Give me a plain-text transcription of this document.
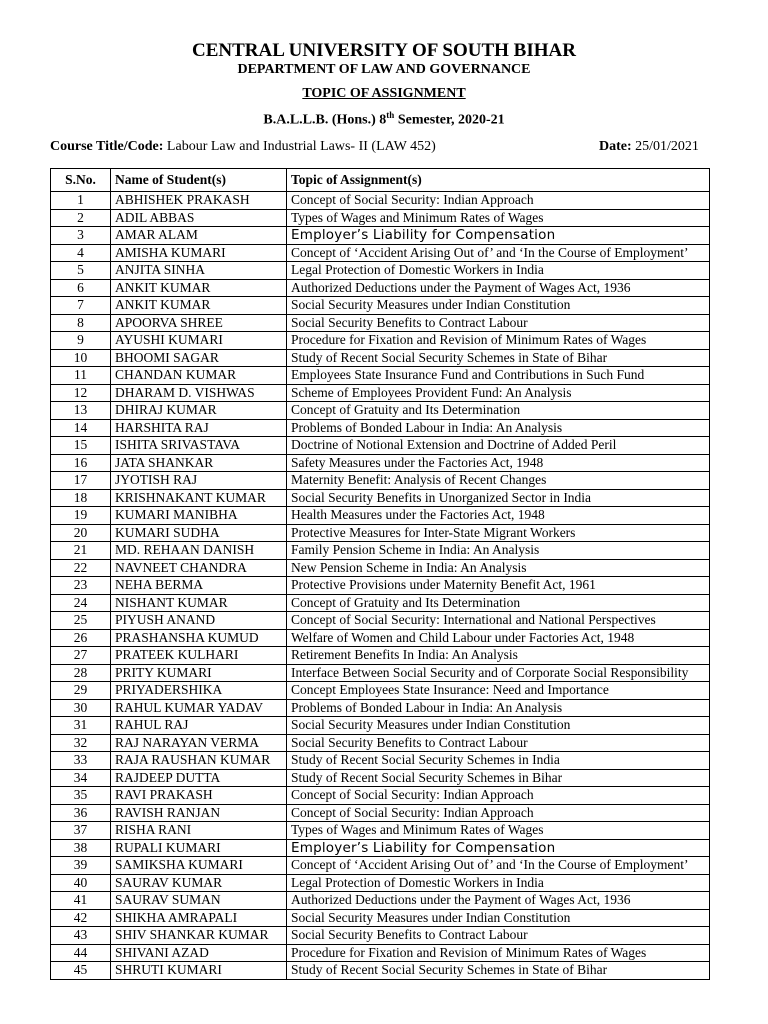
CENTRAL UNIVERSITY OF SOUTH BIHAR
DEPARTMENT OF LAW AND GOVERNANCE
TOPIC OF ASSIGNMENT
B.A.L.L.B. (Hons.) 8th Semester, 2020-21
Course Title/Code: Labour Law and Industrial Laws- II (LAW 452)	Date: 25/01/2021
S.No.	Name of Student(s)	Topic of Assignment(s)
1	ABHISHEK PRAKASH	Concept of Social Security: Indian Approach
2	ADIL ABBAS	Types of Wages and Minimum Rates of Wages
3	AMAR ALAM	Employer’s Liability for Compensation
4	AMISHA KUMARI	Concept of ‘Accident Arising Out of’ and ‘In the Course of Employment’
5	ANJITA SINHA	Legal Protection of Domestic Workers in India
6	ANKIT KUMAR	Authorized Deductions under the Payment of Wages Act, 1936
7	ANKIT KUMAR	Social Security Measures under Indian Constitution
8	APOORVA SHREE	Social Security Benefits to Contract Labour
9	AYUSHI KUMARI	Procedure for Fixation and Revision of Minimum Rates of Wages
10	BHOOMI SAGAR	Study of Recent Social Security Schemes in State of Bihar
11	CHANDAN KUMAR	Employees State Insurance Fund and Contributions in Such Fund
12	DHARAM D. VISHWAS	Scheme of Employees Provident Fund: An Analysis
13	DHIRAJ KUMAR	Concept of Gratuity and Its Determination
14	HARSHITA RAJ	Problems of Bonded Labour in India: An Analysis
15	ISHITA SRIVASTAVA	Doctrine of Notional Extension and Doctrine of Added Peril
16	JATA SHANKAR	Safety Measures under the Factories Act, 1948
17	JYOTISH RAJ	Maternity Benefit: Analysis of Recent Changes
18	KRISHNAKANT KUMAR	Social Security Benefits in Unorganized Sector in India
19	KUMARI MANIBHA	Health Measures under the Factories Act, 1948
20	KUMARI SUDHA	Protective Measures for Inter-State Migrant Workers
21	MD. REHAAN DANISH	Family Pension Scheme in India: An Analysis
22	NAVNEET CHANDRA	New Pension Scheme in India: An Analysis
23	NEHA BERMA	Protective Provisions under Maternity Benefit Act, 1961
24	NISHANT KUMAR	Concept of Gratuity and Its Determination
25	PIYUSH ANAND	Concept of Social Security: International and National Perspectives
26	PRASHANSHA KUMUD	Welfare of Women and Child Labour under Factories Act, 1948
27	PRATEEK KULHARI	Retirement Benefits In India: An Analysis
28	PRITY KUMARI	Interface Between Social Security and of Corporate Social Responsibility
29	PRIYADERSHIKA	Concept Employees State Insurance: Need and Importance
30	RAHUL KUMAR YADAV	Problems of Bonded Labour in India: An Analysis
31	RAHUL RAJ	Social Security Measures under Indian Constitution
32	RAJ NARAYAN VERMA	Social Security Benefits to Contract Labour
33	RAJA RAUSHAN KUMAR	Study of Recent Social Security Schemes in India
34	RAJDEEP DUTTA	Study of Recent Social Security Schemes in Bihar
35	RAVI PRAKASH	Concept of Social Security: Indian Approach
36	RAVISH RANJAN	Concept of Social Security: Indian Approach
37	RISHA RANI	Types of Wages and Minimum Rates of Wages
38	RUPALI KUMARI	Employer’s Liability for Compensation
39	SAMIKSHA KUMARI	Concept of ‘Accident Arising Out of’ and ‘In the Course of Employment’
40	SAURAV KUMAR	Legal Protection of Domestic Workers in India
41	SAURAV SUMAN	Authorized Deductions under the Payment of Wages Act, 1936
42	SHIKHA AMRAPALI	Social Security Measures under Indian Constitution
43	SHIV SHANKAR KUMAR	Social Security Benefits to Contract Labour
44	SHIVANI AZAD	Procedure for Fixation and Revision of Minimum Rates of Wages
45	SHRUTI KUMARI	Study of Recent Social Security Schemes in State of Bihar
